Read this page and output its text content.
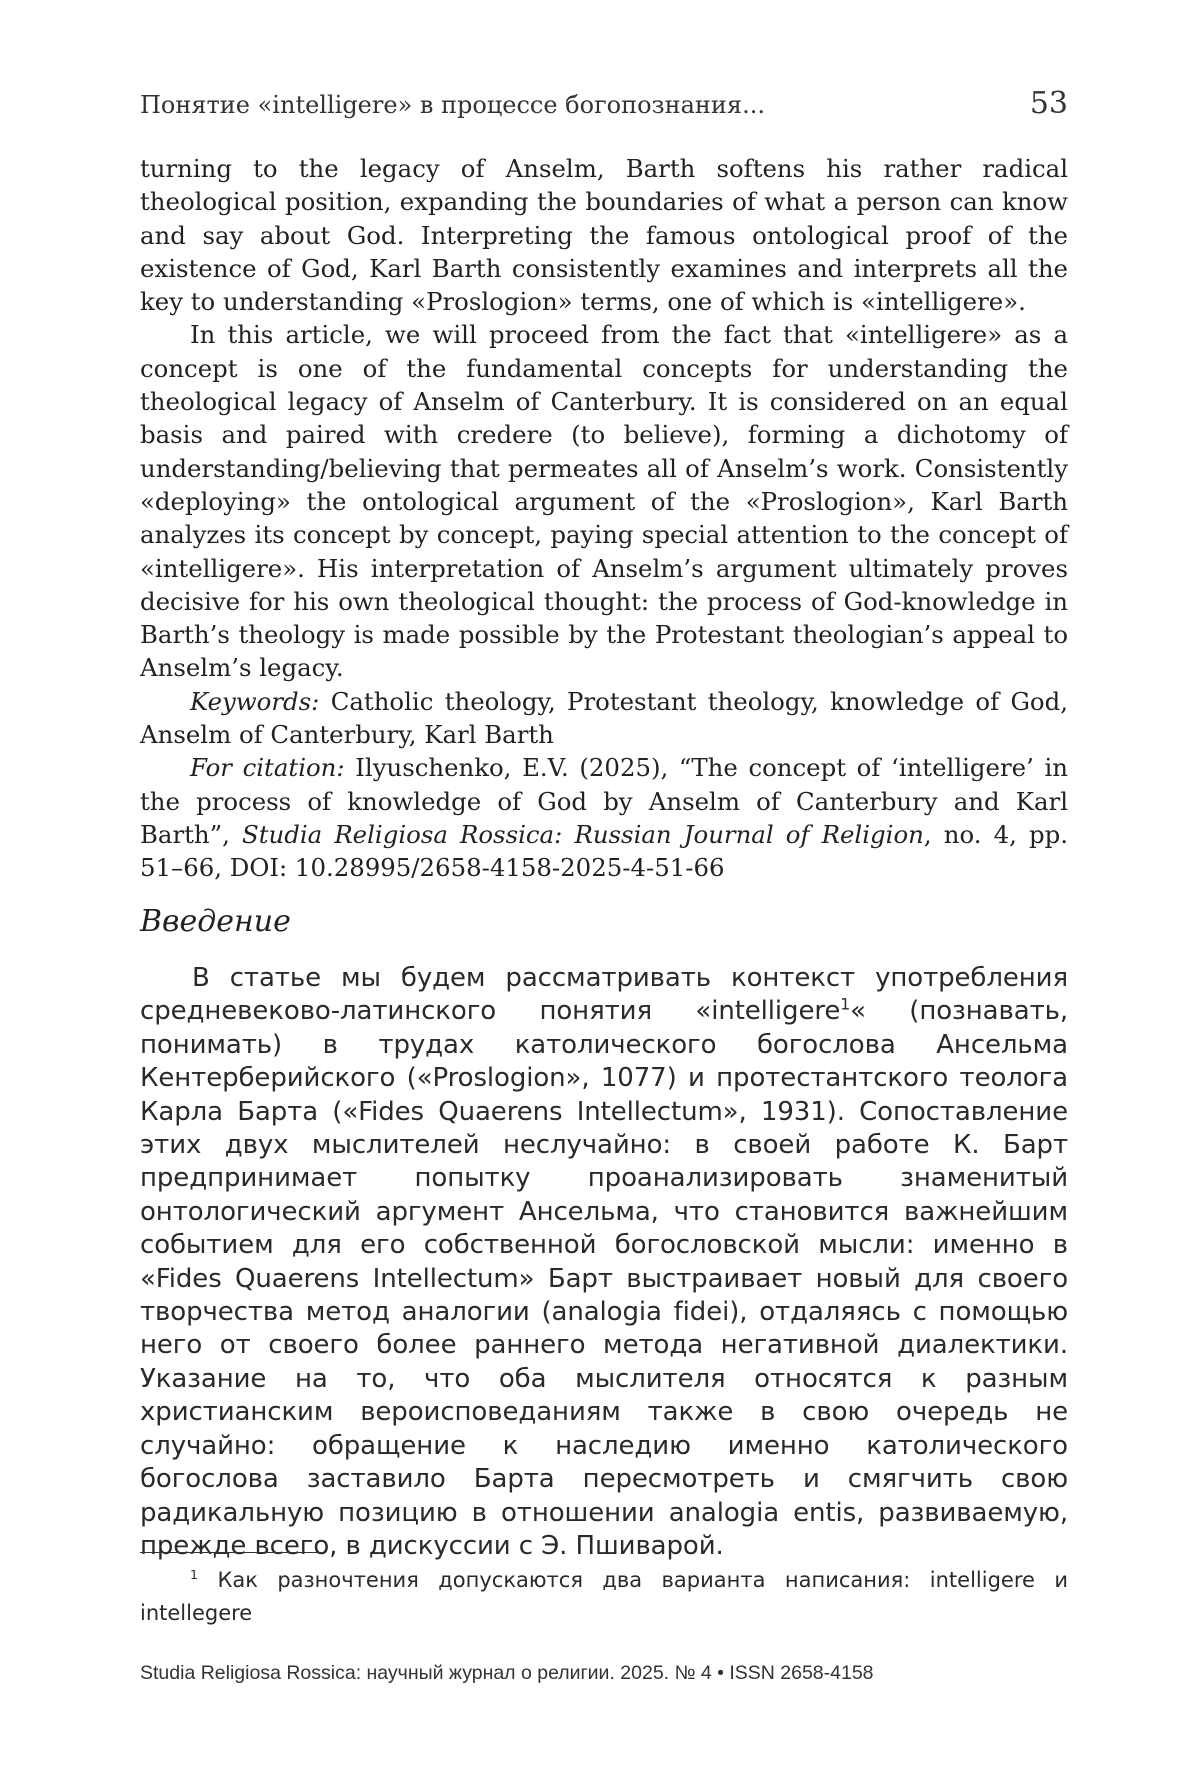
Понятие «intelligere» в процессе богопознания...	53

turning to the legacy of Anselm, Barth softens his rather radical theological position, expanding the boundaries of what a person can know and say about God. Interpreting the famous ontological proof of the existence of God, Karl Barth consistently examines and interprets all the key to understanding «Proslogion» terms, one of which is «intelligere».

In this article, we will proceed from the fact that «intelligere» as a concept is one of the fundamental concepts for understanding the theological legacy of Anselm of Canterbury. It is considered on an equal basis and paired with credere (to believe), forming a dichotomy of understanding/believing that permeates all of Anselm’s work. Consistently «deploying» the ontological argument of the «Proslogion», Karl Barth analyzes its concept by concept, paying special attention to the concept of «intelligere». His interpretation of Anselm’s argument ultimately proves decisive for his own theological thought: the process of God-knowledge in Barth’s theology is made possible by the Protestant theologian’s appeal to Anselm’s legacy.

Keywords: Catholic theology, Protestant theology, knowledge of God, Anselm of Canterbury, Karl Barth

For citation: Ilyuschenko, E.V. (2025), “The concept of ‘intelligere’ in the process of knowledge of God by Anselm of Canterbury and Karl Barth”, Studia Religiosa Rossica: Russian Journal of Religion, no. 4, pp. 51–66, DOI: 10.28995/2658-4158-2025-4-51-66

Введение

В статье мы будем рассматривать контекст употребления средневеково-латинского понятия «intelligere$^1$« (познавать, понимать) в трудах католического богослова Ансельма Кентерберийского («Proslogion», 1077) и протестантского теолога Карла Барта («Fides Quaerens Intellectum», 1931). Сопоставление этих двух мыслителей неслучайно: в своей работе К. Барт предпринимает попытку проанализировать знаменитый онтологический аргумент Ансельма, что становится важнейшим событием для его собственной богословской мысли: именно в «Fides Quaerens Intellectum» Барт выстраивает новый для своего творчества метод аналогии (analogia fidei), отдаляясь с помощью него от своего более раннего метода негативной диалектики. Указание на то, что оба мыслителя относятся к разным христианским вероисповеданиям также в свою очередь не случайно: обращение к наследию именно католического богослова заставило Барта пересмотреть и смягчить свою радикальную позицию в отношении analogia entis, развиваемую, прежде всего, в дискуссии с Э. Пшиварой.

$^1$ Как разночтения допускаются два варианта написания: intelligere и intellegere

Studia Religiosa Rossica: научный журнал о религии. 2025. № 4 • ISSN 2658-4158
